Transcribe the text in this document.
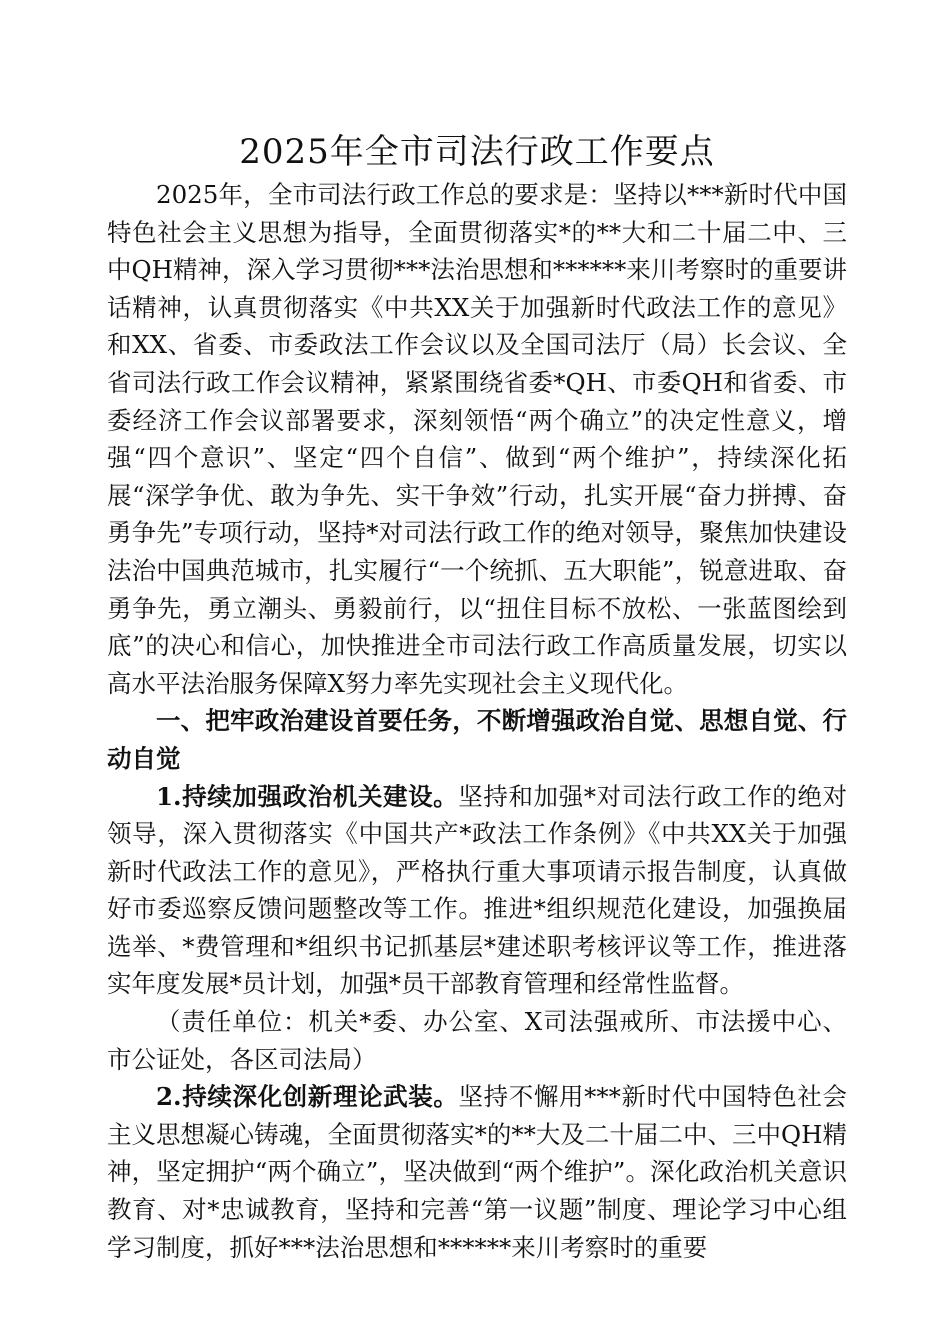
2025年全市司法行政工作要点

2025年，全市司法行政工作总的要求是：坚持以***新时代中国特色社会主义思想为指导，全面贯彻落实*的**大和二十届二中、三中QH精神，深入学习贯彻***法治思想和******来川考察时的重要讲话精神，认真贯彻落实《中共XX关于加强新时代政法工作的意见》和XX、省委、市委政法工作会议以及全国司法厅（局）长会议、全省司法行政工作会议精神，紧紧围绕省委*QH、市委QH和省委、市委经济工作会议部署要求，深刻领悟“两个确立”的决定性意义，增强“四个意识”、坚定“四个自信”、做到“两个维护”，持续深化拓展“深学争优、敢为争先、实干争效”行动，扎实开展“奋力拼搏、奋勇争先”专项行动，坚持*对司法行政工作的绝对领导，聚焦加快建设法治中国典范城市，扎实履行“一个统抓、五大职能”，锐意进取、奋勇争先，勇立潮头、勇毅前行，以“扭住目标不放松、一张蓝图绘到底”的决心和信心，加快推进全市司法行政工作高质量发展，切实以高水平法治服务保障X努力率先实现社会主义现代化。

一、把牢政治建设首要任务，不断增强政治自觉、思想自觉、行动自觉

1.持续加强政治机关建设。坚持和加强*对司法行政工作的绝对领导，深入贯彻落实《中国共产*政法工作条例》《中共XX关于加强新时代政法工作的意见》，严格执行重大事项请示报告制度，认真做好市委巡察反馈问题整改等工作。推进*组织规范化建设，加强换届选举、*费管理和*组织书记抓基层*建述职考核评议等工作，推进落实年度发展*员计划，加强*员干部教育管理和经常性监督。

（责任单位：机关*委、办公室、X司法强戒所、市法援中心、市公证处，各区司法局）

2.持续深化创新理论武装。坚持不懈用***新时代中国特色社会主义思想凝心铸魂，全面贯彻落实*的**大及二十届二中、三中QH精神，坚定拥护“两个确立”，坚决做到“两个维护”。深化政治机关意识教育、对*忠诚教育，坚持和完善“第一议题”制度、理论学习中心组学习制度，抓好***法治思想和******来川考察时的重要
